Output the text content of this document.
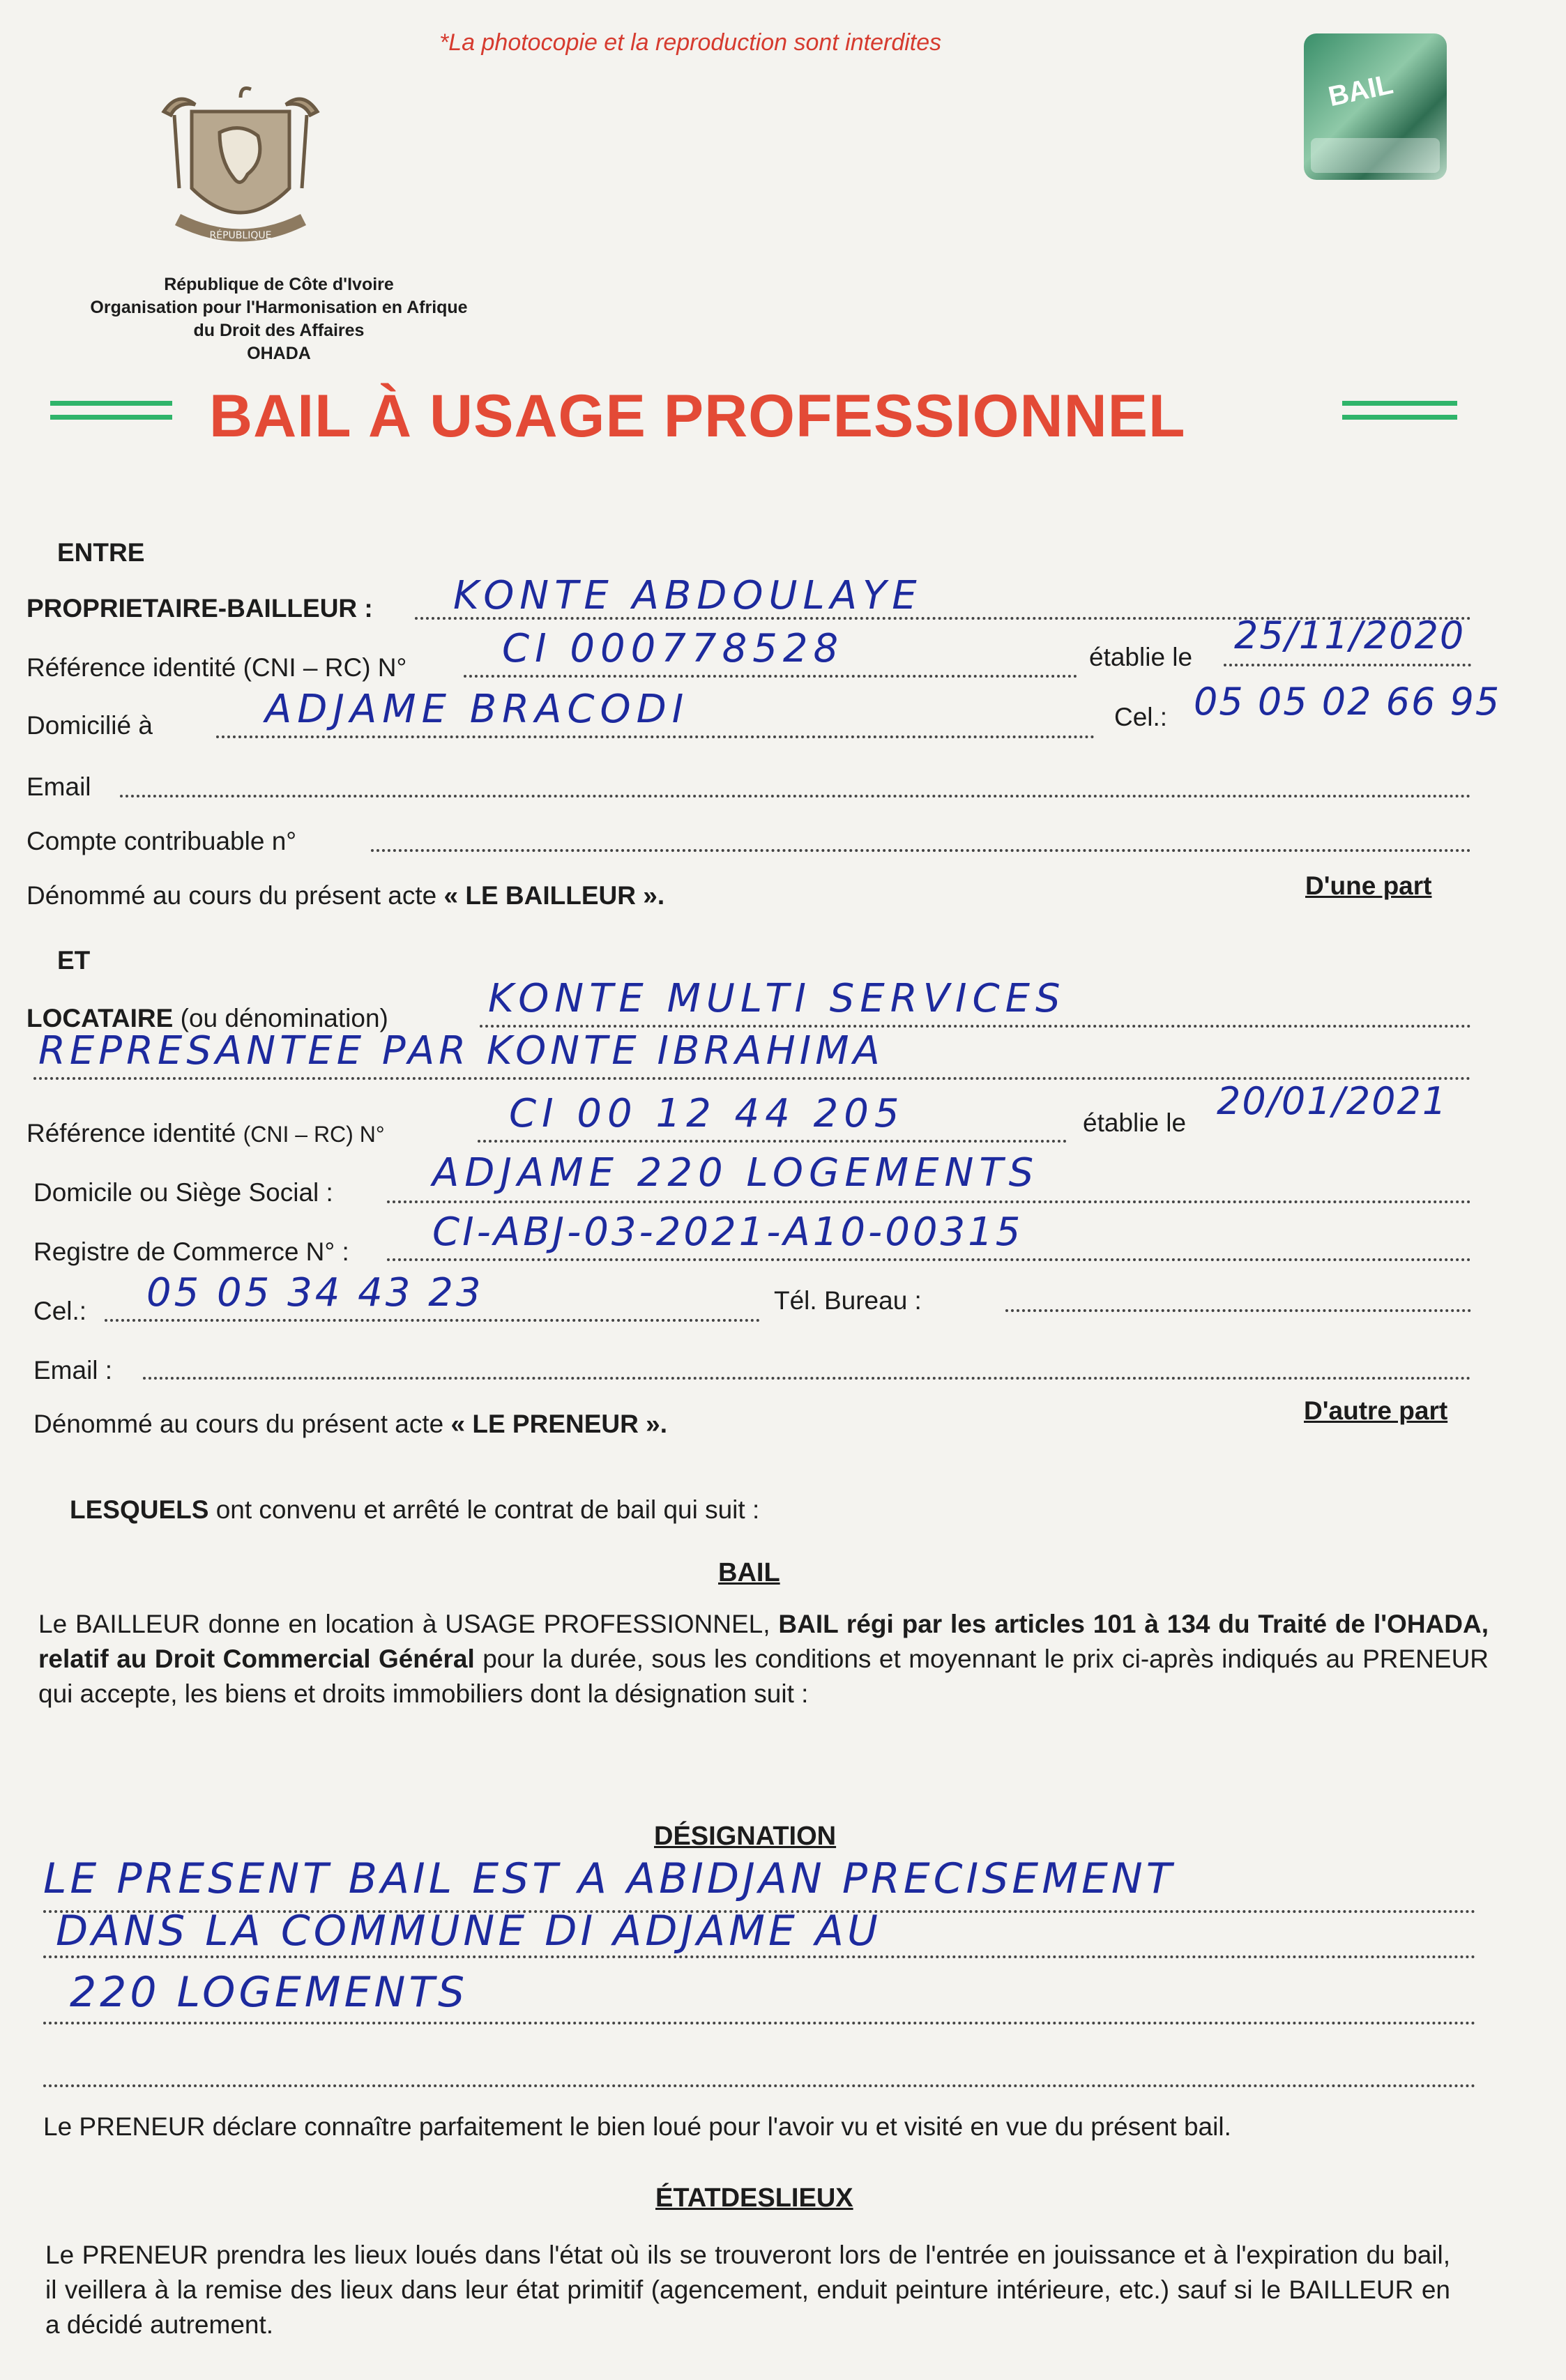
*La photocopie et la reproduction sont interdites
RÉPUBLIQUE
République de Côte d'Ivoire
Organisation pour l'Harmonisation en Afrique
du Droit des Affaires
OHADA
BAIL
BAIL À USAGE PROFESSIONNEL
ENTRE
PROPRIETAIRE-BAILLEUR : KONTE ABDOULAYE
Référence identité (CNI – RC) N° CI 000778528	établie le 25/11/2020
Domicilié à	ADJAME BRACODI	Cel.: 05 05 02 66 95
Email
Compte contribuable n°
Dénommé au cours du présent acte « LE BAILLEUR ».	D'une part
ET
LOCATAIRE (ou dénomination)	KONTE MULTI SERVICES
REPRESANTEE PAR KONTE IBRAHIMA
Référence identité (CNI – RC) N°	CI 00 12 44 205	établie le 20/01/2021
Domicile ou Siège Social :	ADJAME 220 LOGEMENTS
Registre de Commerce N° : CI-ABJ-03-2021-A10-00315
Cel.: 05 05 34 43 23	Tél. Bureau :
Email :
Dénommé au cours du présent acte « LE PRENEUR ».	D'autre part
LESQUELS ont convenu et arrêté le contrat de bail qui suit :
BAIL
Le BAILLEUR donne en location à USAGE PROFESSIONNEL, BAIL régi par les articles 101 à 134 du Traité de l'OHADA, relatif au Droit Commercial Général pour la durée, sous les conditions et moyennant le prix ci-après indiqués au PRENEUR qui accepte, les biens et droits immobiliers dont la désignation suit :
DÉSIGNATION
LE PRESENT BAIL EST A ABIDJAN PRECISEMENT
DANS LA COMMUNE DI ADJAME AU
220 LOGEMENTS
Le PRENEUR déclare connaître parfaitement le bien loué pour l'avoir vu et visité en vue du présent bail.
ÉTATDESLIEUX
Le PRENEUR prendra les lieux loués dans l'état où ils se trouveront lors de l'entrée en jouissance et à l'expiration du bail, il veillera à la remise des lieux dans leur état primitif (agencement, enduit peinture intérieure, etc.) sauf si le BAILLEUR en a décidé autrement.
